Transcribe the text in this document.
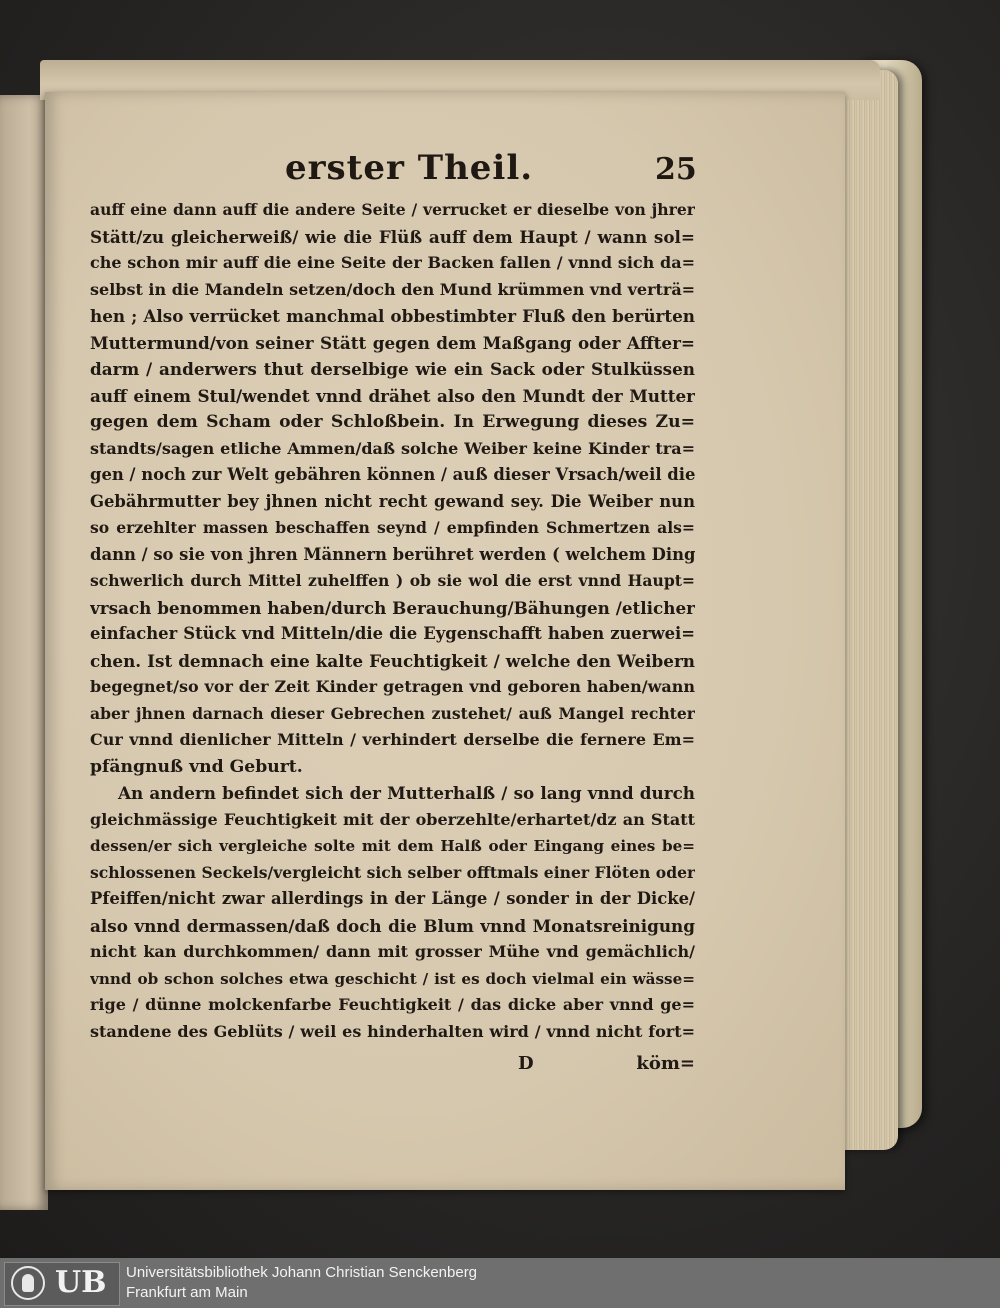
erster Theil.	25
auff eine dann auff die andere Seite / verrucket er dieselbe von jhrer
Stätt/zu gleicherweiß/ wie die Flüß auff dem Haupt / wann sol=
che schon mir auff die eine Seite der Backen fallen / vnnd sich da=
selbst in die Mandeln setzen/doch den Mund krümmen vnd verträ=
hen ; Also verrücket manchmal obbestimbter Fluß den berürten
Muttermund/von seiner Stätt gegen dem Maßgang oder Affter=
darm / anderwers thut derselbige wie ein Sack oder Stulküssen
auff einem Stul/wendet vnnd drähet also den Mundt der Mutter
gegen dem Scham oder Schloßbein. In Erwegung dieses Zu=
standts/sagen etliche Ammen/daß solche Weiber keine Kinder tra=
gen / noch zur Welt gebähren können / auß dieser Vrsach/weil die
Gebährmutter bey jhnen nicht recht gewand sey. Die Weiber nun
so erzehlter massen beschaffen seynd / empfinden Schmertzen als=
dann / so sie von jhren Männern berühret werden ( welchem Ding
schwerlich durch Mittel zuhelffen ) ob sie wol die erst vnnd Haupt=
vrsach benommen haben/durch Berauchung/Bähungen /etlicher
einfacher Stück vnd Mitteln/die die Eygenschafft haben zuerwei=
chen. Ist demnach eine kalte Feuchtigkeit / welche den Weibern
begegnet/so vor der Zeit Kinder getragen vnd geboren haben/wann
aber jhnen darnach dieser Gebrechen zustehet/ auß Mangel rechter
Cur vnnd dienlicher Mitteln / verhindert derselbe die fernere Em=
pfängnuß vnd Geburt.
An andern befindet sich der Mutterhalß / so lang vnnd durch
gleichmässige Feuchtigkeit mit der oberzehlte/erhartet/dz an Statt
dessen/er sich vergleiche solte mit dem Halß oder Eingang eines be=
schlossenen Seckels/vergleicht sich selber offtmals einer Flöten oder
Pfeiffen/nicht zwar allerdings in der Länge / sonder in der Dicke/
also vnnd dermassen/daß doch die Blum vnnd Monatsreinigung
nicht kan durchkommen/ dann mit grosser Mühe vnd gemächlich/
vnnd ob schon solches etwa geschicht / ist es doch vielmal ein wässe=
rige / dünne molckenfarbe Feuchtigkeit / das dicke aber vnnd ge=
standene des Geblüts / weil es hinderhalten wird / vnnd nicht fort=
D	köm=
UB Universitätsbibliothek Johann Christian Senckenberg
Frankfurt am Main
